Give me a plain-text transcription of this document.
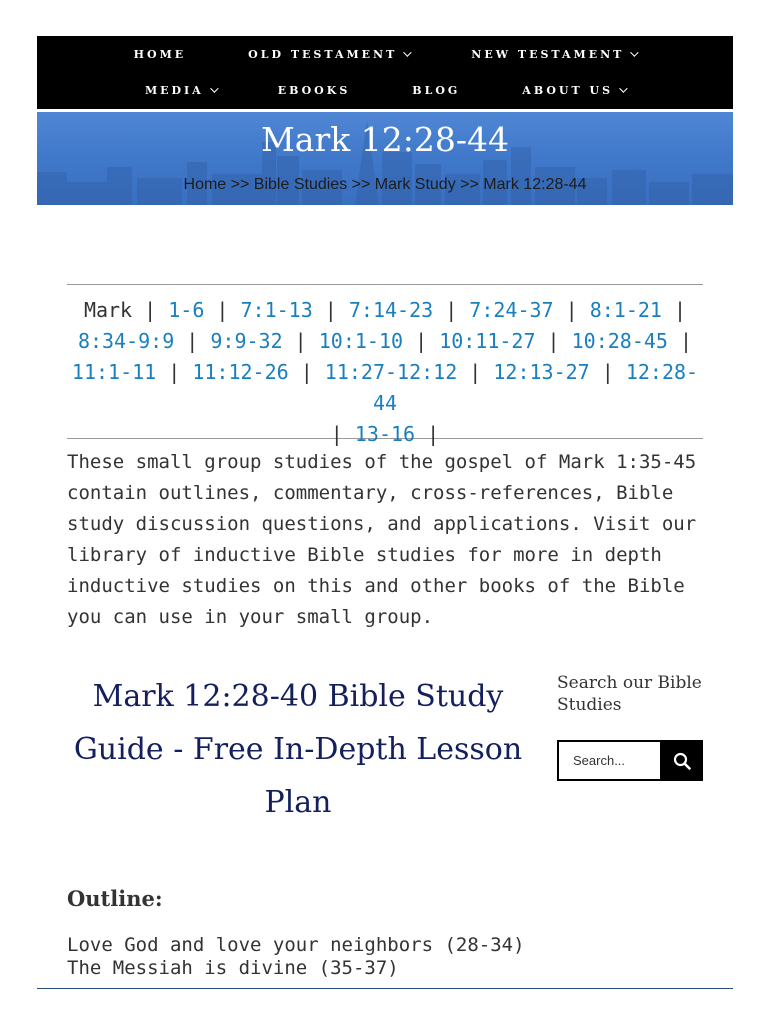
HOME	OLD TESTAMENT	NEW TESTAMENT
MEDIA	EBOOKS	BLOG	ABOUT US
Mark 12:28-44
Home >> Bible Studies >> Mark Study >> Mark 12:28-44
Mark | 1-6 | 7:1-13 | 7:14-23 | 7:24-37 | 8:1-21 |
8:34-9:9 | 9:9-32 | 10:1-10 | 10:11-27 | 10:28-45 |
11:1-11 | 11:12-26 | 11:27-12:12 | 12:13-27 | 12:28-44
| 13-16 |
These small group studies of the gospel of Mark 1:35-45 contain outlines, commentary, cross-references, Bible study discussion questions, and applications. Visit our library of inductive Bible studies for more in depth inductive studies on this and other books of the Bible you can use in your small group.
Mark 12:28-40 Bible Study Guide - Free In-Depth Lesson Plan
Search our Bible Studies
Search...
Outline:
Love God and love your neighbors (28-34)
The Messiah is divine (35-37)
